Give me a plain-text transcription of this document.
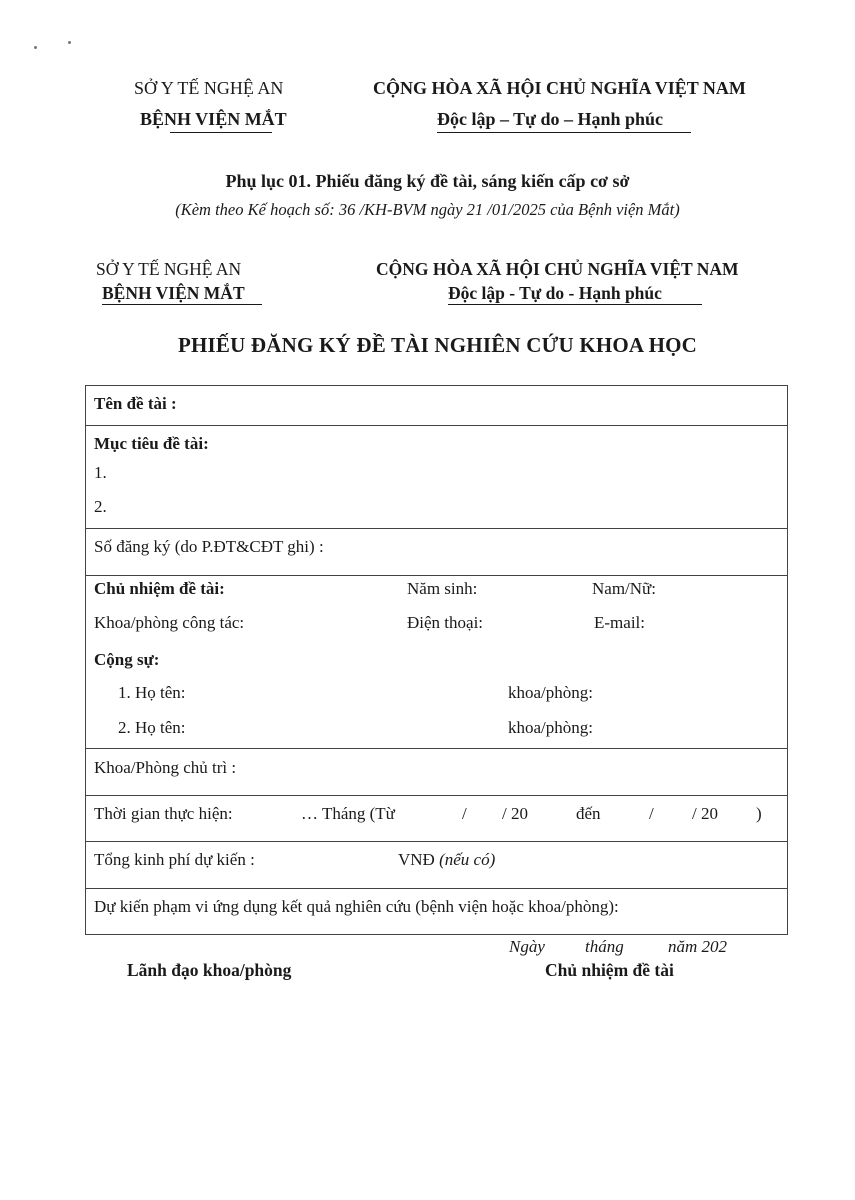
SỞ Y TẾ NGHỆ AN
BỆNH VIỆN MẮT
CỘNG HÒA XÃ HỘI CHỦ NGHĨA VIỆT NAM
Độc lập – Tự do – Hạnh phúc
Phụ lục 01. Phiếu đăng ký đề tài, sáng kiến cấp cơ sở
(Kèm theo Kế hoạch số: 36 /KH-BVM ngày 21 /01/2025 của Bệnh viện Mắt)
SỞ Y TẾ NGHỆ AN
BỆNH VIỆN MẮT
CỘNG HÒA XÃ HỘI CHỦ NGHĨA VIỆT NAM
Độc lập - Tự do - Hạnh phúc
PHIẾU ĐĂNG KÝ ĐỀ TÀI NGHIÊN CỨU KHOA HỌC
Tên đề tài :
Mục tiêu đề tài:
1.
2.
Số đăng ký (do P.ĐT&CĐT ghi) :
Chủ nhiệm đề tài:	Năm sinh:	Nam/Nữ:
Khoa/phòng công tác:	Điện thoại:	E-mail:
Cộng sự:
1. Họ tên:	khoa/phòng:
2. Họ tên:	khoa/phòng:
Khoa/Phòng chủ trì :
Thời gian thực hiện:	… Tháng (Từ	/ / 20	đến	/ / 20 )
Tổng kinh phí dự kiến :	VNĐ (nếu có)
Dự kiến phạm vi ứng dụng kết quả nghiên cứu (bệnh viện hoặc khoa/phòng):
Ngày tháng	năm 202
Lãnh đạo khoa/phòng	Chủ nhiệm đề tài
